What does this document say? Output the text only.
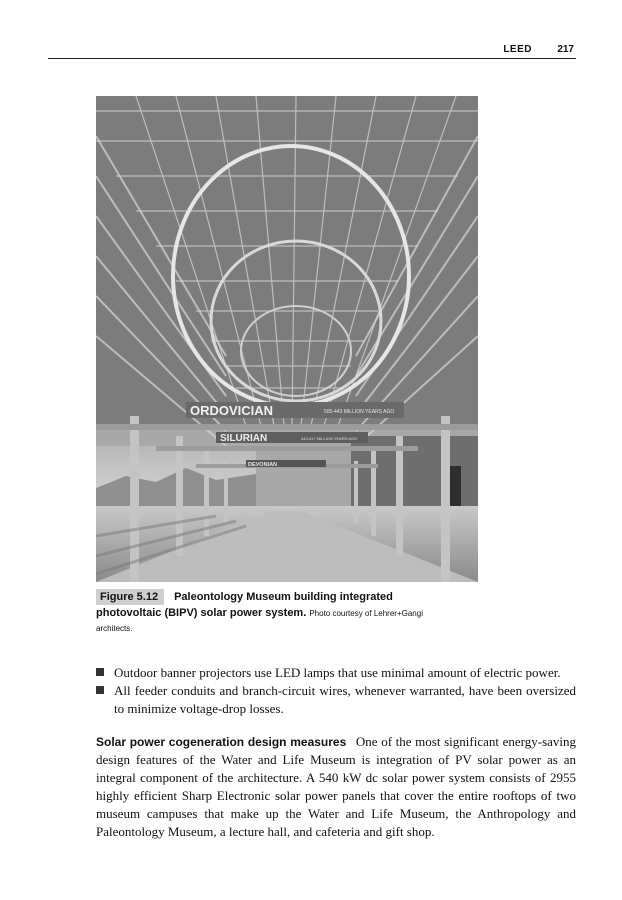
LEED	217
ORDOVICIAN	505-443 MILLION YEARS AGO
SILURIAN	443-417 MILLION YEARS AGO
DEVONIAN
Figure 5.12 Paleontology Museum building integrated
photovoltaic (BIPV) solar power system. Photo courtesy of Lehrer+Gangi
architects.
Outdoor banner projectors use LED lamps that use minimal amount of electric power.
All feeder conduits and branch-circuit wires, whenever warranted, have been oversized to minimize voltage-drop losses.
Solar power cogeneration design measures One of the most significant energy-saving design features of the Water and Life Museum is integration of PV solar power as an integral component of the architecture. A 540 kW dc solar power system consists of 2955 highly efficient Sharp Electronic solar power panels that cover the entire rooftops of two museum campuses that make up the Water and Life Museum, the Anthropology and Paleontology Museum, a lecture hall, and cafeteria and gift shop.
